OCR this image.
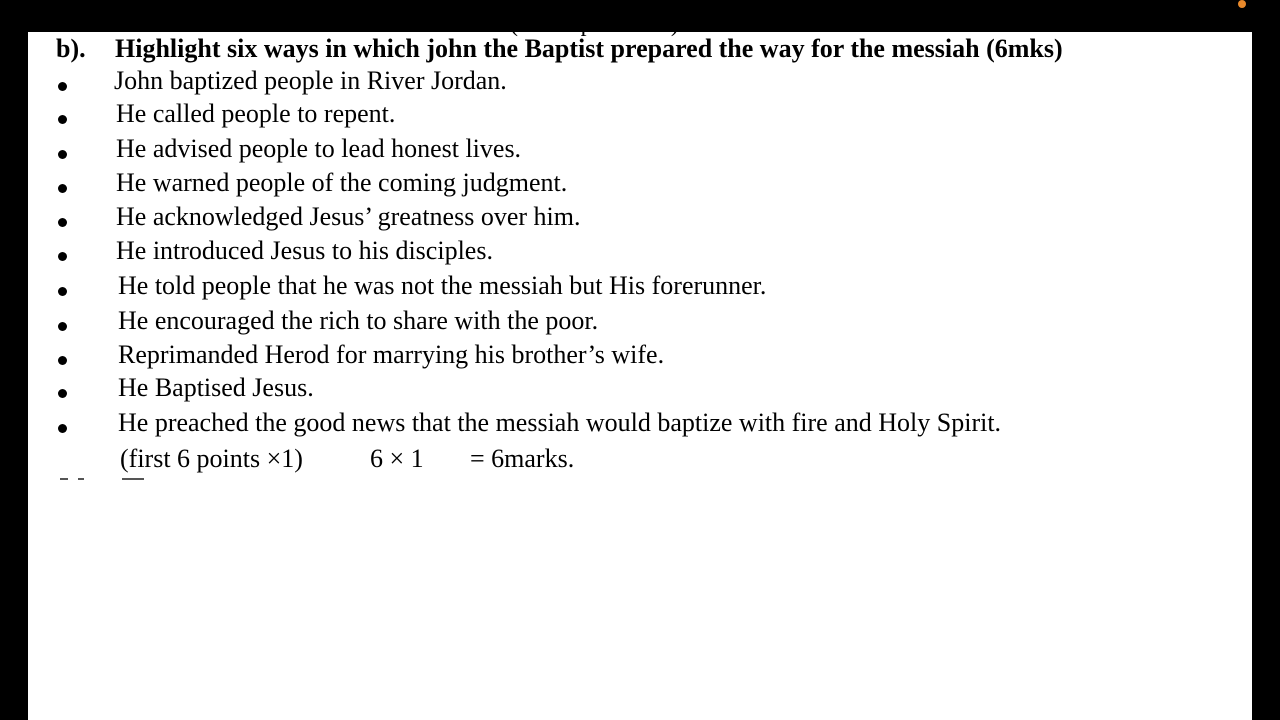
(first 6 points ×1) 6 × 1 = 6marks.
b). Highlight six ways in which john the Baptist prepared the way for the messiah (6mks)
John baptized people in River Jordan.
He called people to repent.
He advised people to lead honest lives.
He warned people of the coming judgment.
He acknowledged Jesus’ greatness over him.
He introduced Jesus to his disciples.
He told people that he was not the messiah but His forerunner.
He encouraged the rich to share with the poor.
Reprimanded Herod for marrying his brother’s wife.
He Baptised Jesus.
He preached the good news that the messiah would baptize with fire and Holy Spirit.
(first 6 points ×1)	6 × 1 = 6marks.
